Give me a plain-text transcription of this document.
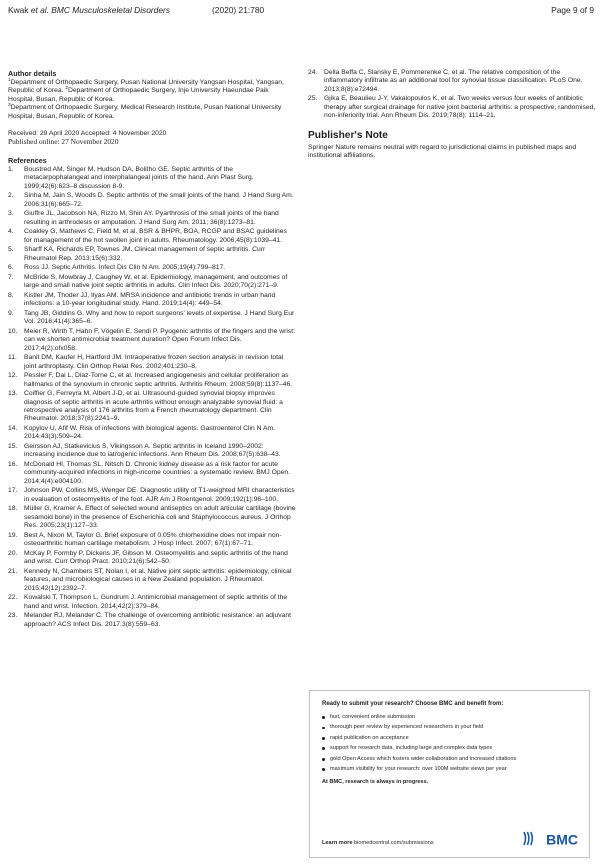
Kwak et al. BMC Musculoskeletal Disorders	(2020) 21:780	Page 9 of 9
Author details
$^1$Department of Orthopaedic Surgery, Pusan National University Yangsan Hospital, Yangsan, Republic of Korea. $^2$Department of Orthopaedic Surgery, Inje University Haeundae Paik Hospital, Busan, Republic of Korea.
$^3$Department of Orthopaedic Surgery, Medical Research Institute, Pusan National University Hospital, Busan, Republic of Korea.
Received: 29 April 2020 Accepted: 4 November 2020
Published online: 27 November 2020
References
1. Boustred AM, Singer M, Hudson DA, Bolitho GE. Septic arthritis of the metacarpophalangeal and interphalangeal joints of the hand. Ann Plast Surg. 1999;42(6):623–8 discussion 8-9.
2. Sinha M, Jain S, Woods D. Septic arthritis of the small joints of the hand. J Hand Surg Am. 2006;31(6):665–72.
3. Giuffre JL, Jacobson NA, Rizzo M, Shin AY. Pyarthrosis of the small joints of the hand resulting in arthrodesis or amputation. J Hand Surg Am. 2011; 36(8):1273–81.
4. Coakley G, Mathews C, Field M, et al. BSR & BHPR, BOA, RCGP and BSAC guidelines for management of the hot swollen joint in adults. Rheumatology. 2006;45(8):1039–41.
5. Sharff KA, Richards EP, Townes JM. Clinical management of septic arthritis. Curr Rheumatol Rep. 2013;15(6):332.
6. Ross JJ. Septic Arthritis. Infect Dis Clin N Am. 2005;19(4):799–817.
7. McBride S, Mowbray J, Caughey W, et al. Epidemiology, management, and outcomes of large and small native joint septic arthritis in adults. Clin Infect Dis. 2020;70(2):271–9.
8. Kistler JM, Thoder JJ, Ilyas AM. MRSA incidence and antibiotic trends in urban hand infections: a 10-year longitudinal study. Hand. 2019;14(4): 449–54.
9. Tang JB, Giddins G. Why and how to report surgeons' levels of expertise. J Hand Surg Eur Vol. 2016;41(4):365–6.
10. Meier R, Wirth T, Hahn F, Vögelin E, Sendi P. Pyogenic arthritis of the fingers and the wrist: can we shorten antimicrobial treatment duration? Open Forum Infect Dis. 2017;4(2):ofx058.
11. Banit DM, Kaufer H, Hartford JM. Intraoperative frozen section analysis in revision total joint arthroplasty. Clin Orthop Relat Res. 2002;401:230–8.
12. Pessler F, Dai L, Diaz-Torne C, et al. Increased angiogenesis and cellular proliferation as hallmarks of the synovium in chronic septic arthritis. Arthritis Rheum. 2008;59(8):1137–46.
13. Coiffier G, Ferreyra M, Albert J-D, et al. Ultrasound-guided synovial biopsy improves diagnosis of septic arthritis in acute arthritis without enough analyzable synovial fluid: a retrospective analysis of 176 arthritis from a French rheumatology department. Clin Rheumatol. 2018;37(8):2241–9.
14. Kopylov U, Afif W. Risk of infections with biological agents. Gastroenterol Clin N Am. 2014;43(3):509–24.
15. Geirsson AJ, Statkevicius S, Vikingsson A. Septic arthritis in Iceland 1990–2002: increasing incidence due to iatrogenic infections. Ann Rheum Dis. 2008;67(5):638–43.
16. McDonald HI, Thomas SL, Nitsch D. Chronic kidney disease as a risk factor for acute community-acquired infections in high-income countries: a systematic review. BMJ Open. 2014;4(4):e004100.
17. Johnson PW, Collins MS, Wenger DE. Diagnostic utility of T1-weighted MRI characteristics in evaluation of osteomyelitis of the foot. AJR Am J Roentgenol. 2009;192(1):96–100.
18. Müller G, Kramer A. Effect of selected wound antiseptics on adult articular cartilage (bovine sesamoid bone) in the presence of Escherichia coli and Staphylococcus aureus. J Orthop Res. 2005;23(1):127–33.
19. Best A, Nixon M, Taylor G. Brief exposure of 0.05% chlorhexidine does not impair non-osteoarthritic human cartilage metabolism. J Hosp Infect. 2007; 67(1):67–71.
20. McKay P, Formby P, Dickens JF, Gibson M. Osteomyelitis and septic arthritis of the hand and wrist. Curr Orthop Pract. 2010;21(6):542–50.
21. Kennedy N, Chambers ST, Nolan I, et al. Native joint septic arthritis: epidemiology, clinical features, and microbiological causes in a New Zealand population. J Rheumatol. 2015;42(12):2392–7.
22. Kowalski T, Thompson L, Gundrum J. Antimicrobial management of septic arthritis of the hand and wrist. Infection. 2014;42(2):379–84.
23. Melander RJ, Melander C. The challenge of overcoming antibiotic resistance: an adjuvant approach? ACS Infect Dis. 2017;3(8):559–63.
24. Della Beffa C, Slansky E, Pommerenke C, et al. The relative composition of the inflammatory infiltrate as an additional tool for synovial tissue classification. PLoS One. 2013;8(8):e72494.
25. Gjika E, Beaulieu J-Y, Vakalopoulos K, et al. Two weeks versus four weeks of antibiotic therapy after surgical drainage for native joint bacterial arthritis: a prospective, randomised, non-inferiority trial. Ann Rheum Dis. 2019;78(8): 1114–21.
Publisher's Note
Springer Nature remains neutral with regard to jurisdictional claims in published maps and institutional affiliations.
Ready to submit your research? Choose BMC and benefit from:
fast, convenient online submission
thorough peer review by experienced researchers in your field
rapid publication on acceptance
support for research data, including large and complex data types
gold Open Access which fosters wider collaboration and increased citations
maximum visibility for your research: over 100M website views per year
At BMC, research is always in progress.
Learn more biomedcentral.com/submissions	BMC
